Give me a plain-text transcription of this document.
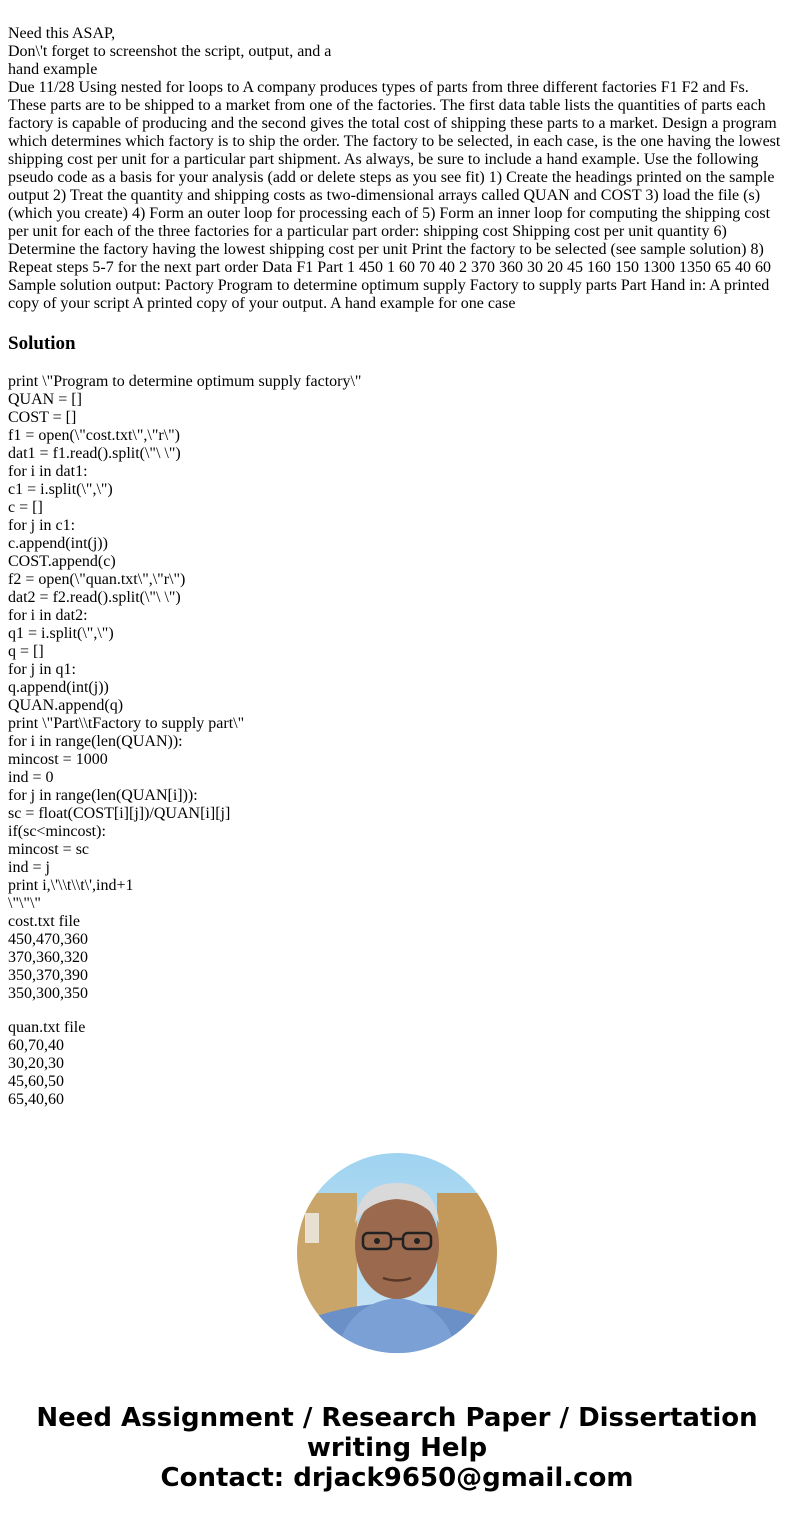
Need this ASAP,
Don\'t forget to screenshot the script, output, and a
hand example
Due 11/28 Using nested for loops to A company produces types of parts from three different factories F1 F2 and Fs. These parts are to be shipped to a market from one of the factories. The first data table lists the quantities of parts each factory is capable of producing and the second gives the total cost of shipping these parts to a market. Design a program which determines which factory is to ship the order. The factory to be selected, in each case, is the one having the lowest shipping cost per unit for a particular part shipment. As always, be sure to include a hand example. Use the following pseudo code as a basis for your analysis (add or delete steps as you see fit) 1) Create the headings printed on the sample output 2) Treat the quantity and shipping costs as two-dimensional arrays called QUAN and COST 3) load the file (s) (which you create) 4) Form an outer loop for processing each of 5) Form an inner loop for computing the shipping cost per unit for each of the three factories for a particular part order: shipping cost Shipping cost per unit quantity 6) Determine the factory having the lowest shipping cost per unit Print the factory to be selected (see sample solution) 8) Repeat steps 5-7 for the next part order Data F1 Part 1 450 1 60 70 40 2 370 360 30 20 45 160 150 1300 1350 65 40 60 Sample solution output: Pactory Program to determine optimum supply Factory to supply parts Part Hand in: A printed copy of your script A printed copy of your output. A hand example for one case
Solution
print \"Program to determine optimum supply factory\"
QUAN = []
COST = []
f1 = open(\"cost.txt\",\"r\")
dat1 = f1.read().split(\"\ \")
for i in dat1:
c1 = i.split(\",\")
c = []
for j in c1:
c.append(int(j))
COST.append(c)
f2 = open(\"quan.txt\",\"r\")
dat2 = f2.read().split(\"\ \")
for i in dat2:
q1 = i.split(\",\")
q = []
for j in q1:
q.append(int(j))
QUAN.append(q)
print \"Part\\tFactory to supply part\"
for i in range(len(QUAN)):
mincost = 1000
ind = 0
for j in range(len(QUAN[i])):
sc = float(COST[i][j])/QUAN[i][j]
if(sc<mincost):
mincost = sc
ind = j
print i,\'\\t\\t\',ind+1
\"\"\"
cost.txt file
450,470,360
370,360,320
350,370,390
350,300,350
quan.txt file
60,70,40
30,20,30
45,60,50
65,40,60
Need Assignment / Research Paper / Dissertation
writing Help
Contact: drjack9650@gmail.com
